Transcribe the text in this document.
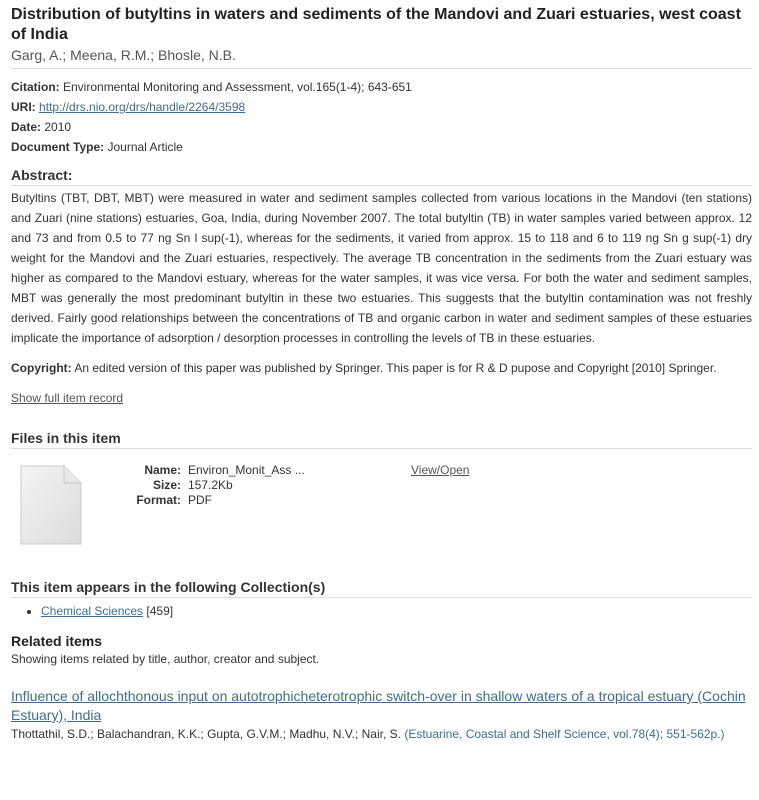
Distribution of butyltins in waters and sediments of the Mandovi and Zuari estuaries, west coast of India
Garg, A.; Meena, R.M.; Bhosle, N.B.
Citation: Environmental Monitoring and Assessment, vol.165(1-4); 643-651
URI: http://drs.nio.org/drs/handle/2264/3598
Date: 2010
Document Type: Journal Article
Abstract:

Butyltins (TBT, DBT, MBT) were measured in water and sediment samples collected from various locations in the Mandovi (ten stations) and Zuari (nine stations) estuaries, Goa, India, during November 2007. The total butyltin (TB) in water samples varied between approx. 12 and 73 and from 0.5 to 77 ng Sn l sup(-1), whereas for the sediments, it varied from approx. 15 to 118 and 6 to 119 ng Sn g sup(-1) dry weight for the Mandovi and the Zuari estuaries, respectively. The average TB concentration in the sediments from the Zuari estuary was higher as compared to the Mandovi estuary, whereas for the water samples, it was vice versa. For both the water and sediment samples, MBT was generally the most predominant butyltin in these two estuaries. This suggests that the butyltin contamination was not freshly derived. Fairly good relationships between the concentrations of TB and organic carbon in water and sediment samples of these estuaries implicate the importance of adsorption / desorption processes in controlling the levels of TB in these estuaries.

Copyright: An edited version of this paper was published by Springer. This paper is for R & D pupose and Copyright [2010] Springer.

Show full item record
Files in this item
Name: Environ_Monit_Ass ...
Size: 157.2Kb
Format: PDF
View/Open
This item appears in the following Collection(s)
• Chemical Sciences [459]
Related items
Showing items related by title, author, creator and subject.
Influence of allochthonous input on autotrophicheterotrophic switch-over in shallow waters of a tropical estuary (Cochin Estuary), India
Thottathil, S.D.; Balachandran, K.K.; Gupta, G.V.M.; Madhu, N.V.; Nair, S. (Estuarine, Coastal and Shelf Science, vol.78(4); 551-562p.)
